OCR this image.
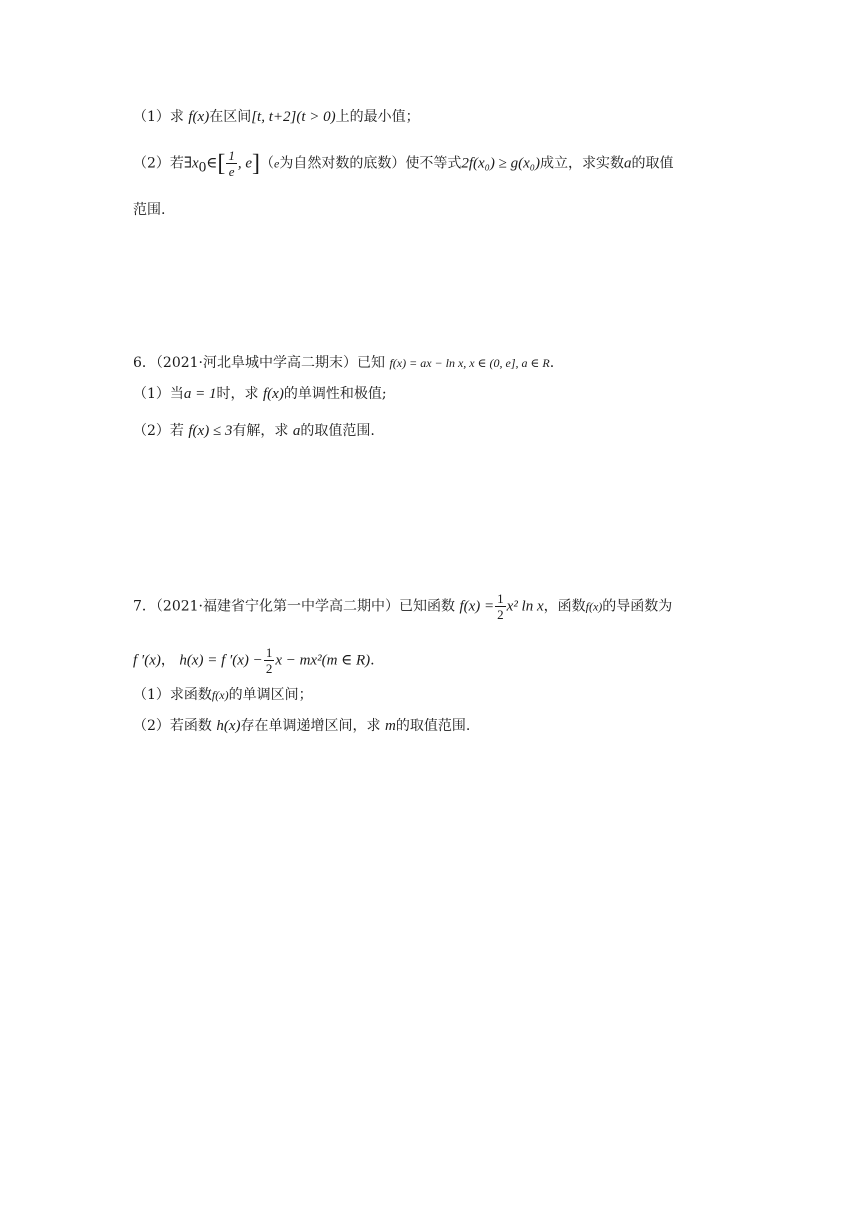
（1）求 f(x)在区间[t, t+2](t > 0)上的最小值；
（2）若$\exists x_0\in[ \frac{1}{e}$ , e]（e为自然对数的底数）使不等式2f(x₀) ≥ g(x₀)成立，求实数a的取值
范围.
6．（2021·河北阜城中学高二期末）已知 f(x) = ax − ln x, x ∈ (0, e], a ∈ R.
（1）当a = 1时，求 f(x)的单调性和极值;
（2）若 f(x) ≤ 3有解，求 a的取值范围.
7．（2021·福建省宁化第一中学高二期中）已知函数 $f(x) = \frac{1}{2} x^2$ ln x，函数f(x)的导函数为
f ′(x)， h(x) = f $'(x) - \frac{1}{2}$ x − mx²(m ∈ R).
（1）求函数f(x)的单调区间；
（2）若函数 h(x)存在单调递增区间，求 m的取值范围.
